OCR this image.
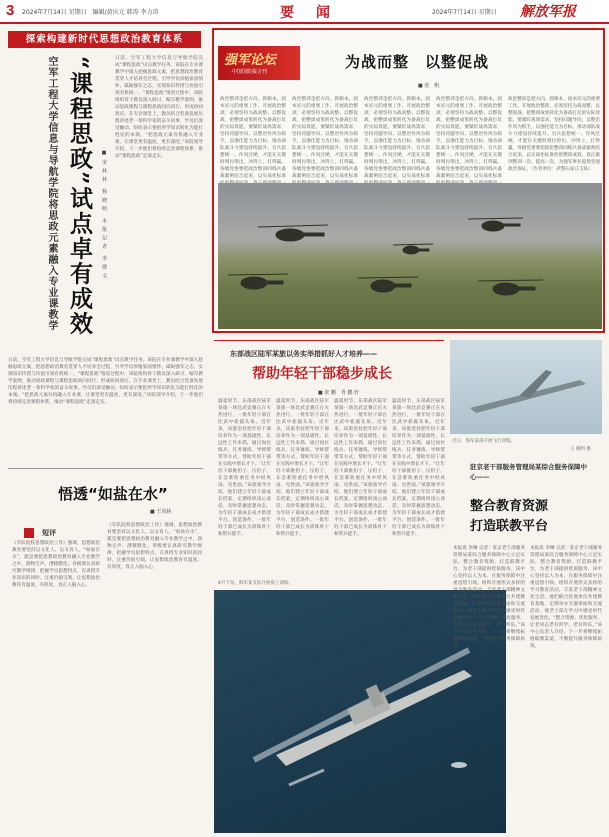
3 2024年7月14日 星期日　编辑/黄庆元 韩涛 李力涛	要　闻	2024年7月14日 星期日 解放军报
探索构建新时代思想政治教育体系
空军工程大学信息与导航学院将思政元素融入专业课教学 “课程思政”试点卓有成效	■ 宋 林 林　杨 晓 明　本 报 记 者　李 建 文
日前，空军工程大学信息与导航学院完成“课程思政”试点教学任务。该院在专业课教学中深入挖掘思政元素，把思想政治教育贯穿人才培养全过程，引导学员厚植家国情怀、砥砺强军之志，实现知识传授与价值引领有机统一。“课程思政”推进过程中，该院组织骨干教员深入研讨，编写教学案例，推动思政课程与课程思政同向同行、形成协同效应。在专业课堂上，教员结合装备发展历程讲述老一辈科学家的奋斗故事，学员们深受触动，纷纷表示要把所学知识转化为能打胜仗的本领。“把思政元素有机融入专业课，让课堂更有温度、更有深度。”该院领导介绍，下一步他们将持续完善课程体系，推动“课程思政”走深走实。
日前，空军工程大学信息与导航学院完成“课程思政”试点教学任务。该院在专业课教学中深入挖掘思政元素，把思想政治教育贯穿人才培养全过程，引导学员厚植家国情怀、砥砺强军之志，实现知识传授与价值引领有机统一。“课程思政”推进过程中，该院组织骨干教员深入研讨，编写教学案例，推动思政课程与课程思政同向同行、形成协同效应。在专业课堂上，教员结合装备发展历程讲述老一辈科学家的奋斗故事，学员们深受触动，纷纷表示要把所学知识转化为能打胜仗的本领。“把思政元素有机融入专业课，让课堂更有温度、更有深度。”该院领导介绍，下一步他们将持续完善课程体系，推动“课程思政”走深走实。
悟透“如盐在水”
■ 王凤林
短评
《军队院校思想政治工作》强调，思想政治教育要坚持以文化人、以文育人。“如盐在水”，就是要把思想政治教育融入专业教学之中，润物无声、潜移默化。各级要认真研究教学规律，把握学员思想特点，在讲授专业知识的同时，注重价值引领，让思想政治教育有温度、有厚度，真正入脑入心。
《军队院校思想政治工作》强调，思想政治教育要坚持以文化人、以文育人。“如盐在水”，就是要把思想政治教育融入专业教学之中，润物无声、潜移默化。各级要认真研究教学规律，把握学员思想特点，在讲授专业知识的同时，注重价值引领，让思想政治教育有温度、有厚度，真正入脑入心。
强军论坛
中国国防报合刊
为战而整　以整促战
■ 张　帆
政治整训是把方向、抓根本、固本培元的重要工作。开展政治整训，必须坚持为战而整、以整促战，把整训成果转化为备战打仗的实际效能。要紧盯战场需求，坚持问题导向，以整治作风为抓手，以强化能力为目标，推动部队战斗力建设持续提升。官兵思想统一、作风过硬，才能在关键时刻拉得出、冲得上、打得赢。各级党委要把政治整训同练兵备战紧密结合起来，以实战化标准
政治整训是把方向、抓根本、固本培元的重要工作。开展政治整训，必须坚持为战而整、以整促战，把整训成果转化为备战打仗的实际效能。要紧盯战场需求，坚持问题导向，以整治作风为抓手，以强化能力为目标，推动部队战斗力建设持续提升。官兵思想统一、作风过硬，才能在关键时刻拉得出、冲得上、打得赢。各级党委要把政治整训同练兵备战紧密结合起来，以实战化标准
政治整训是把方向、抓根本、固本培元的重要工作。开展政治整训，必须坚持为战而整、以整促战，把整训成果转化为备战打仗的实际效能。要紧盯战场需求，坚持问题导向，以整治作风为抓手，以强化能力为目标，推动部队战斗力建设持续提升。官兵思想统一、作风过硬，才能在关键时刻拉得出、冲得上、打得赢。各级党委要把政治整训同练兵备战紧密结合起来，以实战化标准
政治整训是把方向、抓根本、固本培元的重要工作。开展政治整训，必须坚持为战而整、以整促战，把整训成果转化为备战打仗的实际效能。要紧盯战场需求，坚持问题导向，以整治作风为抓手，以强化能力为目标，推动部队战斗力建设持续提升。官兵思想统一、作风过硬，才能在关键时刻拉得出、冲得上、打得赢。各级党委要把政治整训同练兵备战紧密结合起来，以实战化标准
政治整训是把方向、抓根本、固本培元的重要工作。开展政治整训，必须坚持为战而整、以整促战，把整训成果转化为备战打仗的实际效能。要紧盯战场需求，坚持问题导向，以整治作风为抓手，以强化能力为目标，推动部队战斗力建设持续提升。官兵思想统一、作风过硬，才能在关键时刻拉得出、冲得上、打得赢。各级党委要把政治整训同练兵备战紧密结合起来，以实战化标准检验整训成效，真正做到整训一次、提高一次，为强军事业提供坚强政治保证。（作者单位：武警石家庄支队）
东部战区陆军某旅以务实举措抓好人才培养——
帮助年轻干部稳步成长
■ 张 鹏　胥 鹏 轩
盛夏时节，东部战区陆军某旅一场比武竞赛正在火热进行，一批年轻干部在比武中崭露头角。近年来，该旅坚持把年轻干部培养作为一项基础性、长远性工作来抓，通过岗位练兵、任务锤炼、导师帮带等方式，帮助年轻干部在实践中增长才干。“让年轻干部挑担子、压担子，在急难险重任务中经风雨、见世面。”该旅领导介绍，他们建立年轻干部成长档案，定期组织谈心谈话，及时掌握思想动态，为年轻干部成长成才搭建平台、创造条件。一批年轻干部已成长为训练骨干和带兵能手。
盛夏时节，东部战区陆军某旅一场比武竞赛正在火热进行，一批年轻干部在比武中崭露头角。近年来，该旅坚持把年轻干部培养作为一项基础性、长远性工作来抓，通过岗位练兵、任务锤炼、导师帮带等方式，帮助年轻干部在实践中增长才干。“让年轻干部挑担子、压担子，在急难险重任务中经风雨、见世面。”该旅领导介绍，他们建立年轻干部成长档案，定期组织谈心谈话，及时掌握思想动态，为年轻干部成长成才搭建平台、创造条件。一批年轻干部已成长为训练骨干和带兵能手。
盛夏时节，东部战区陆军某旅一场比武竞赛正在火热进行，一批年轻干部在比武中崭露头角。近年来，该旅坚持把年轻干部培养作为一项基础性、长远性工作来抓，通过岗位练兵、任务锤炼、导师帮带等方式，帮助年轻干部在实践中增长才干。“让年轻干部挑担子、压担子，在急难险重任务中经风雨、见世面。”该旅领导介绍，他们建立年轻干部成长档案，定期组织谈心谈话，及时掌握思想动态，为年轻干部成长成才搭建平台、创造条件。一批年轻干部已成长为训练骨干和带兵能手。
盛夏时节，东部战区陆军某旅一场比武竞赛正在火热进行，一批年轻干部在比武中崭露头角。近年来，该旅坚持把年轻干部培养作为一项基础性、长远性工作来抓，通过岗位练兵、任务锤炼、导师帮带等方式，帮助年轻干部在实践中增长才干。“让年轻干部挑担子、压担子，在急难险重任务中经风雨、见世面。”该旅领导介绍，他们建立年轻干部成长档案，定期组织谈心谈话，及时掌握思想动态，为年轻干部成长成才搭建平台、创造条件。一批年轻干部已成长为训练骨干和带兵能手。
4月下旬，海军某支队开展海上训练。
近日，海军某部开展飞行训练。
王 晓明 摄
驻京老干部服务管理局某综合服务保障中心——
整合教育资源
打造联教平台
本报讯 李琳 记者：驻京老干部服务管理局某综合服务保障中心立足实际，整合教育资源，打造联教平台，为老干部提供优质服务。该中心坚持以人为本，在服务保障中注重思想引领，组织开展形式多样的学习教育活动，丰富老干部精神文化生活。他们联合驻地单位共建教育基地，定期举办专题讲座和交流活动，使老干部在学习中感受时代发展变化。“整合资源、优化服务，让老同志老有所学、老有所乐。”该中心负责人介绍，下一步将继续拓展联教渠道，不断提升服务保障质效。
本报讯 李琳 记者：驻京老干部服务管理局某综合服务保障中心立足实际，整合教育资源，打造联教平台，为老干部提供优质服务。该中心坚持以人为本，在服务保障中注重思想引领，组织开展形式多样的学习教育活动，丰富老干部精神文化生活。他们联合驻地单位共建教育基地，定期举办专题讲座和交流活动，使老干部在学习中感受时代发展变化。“整合资源、优化服务，让老同志老有所学、老有所乐。”该中心负责人介绍，下一步将继续拓展联教渠道，不断提升服务保障质效。
